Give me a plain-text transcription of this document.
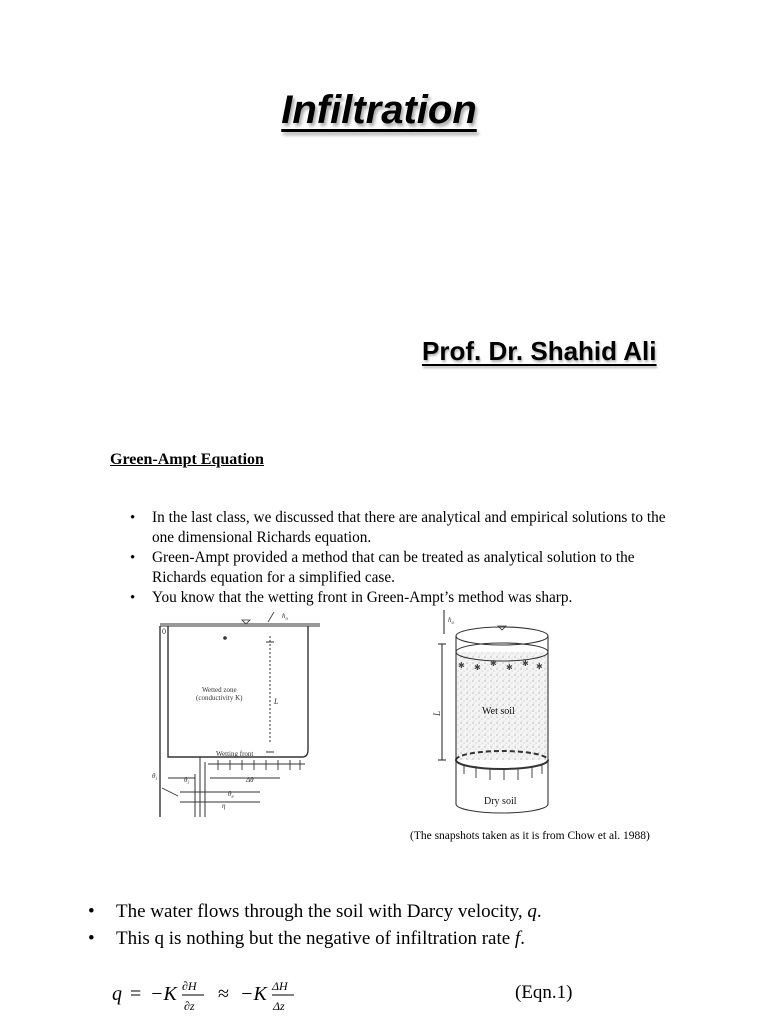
Infiltration
Prof. Dr. Shahid Ali
Green-Ampt Equation
• In the last class, we discussed that there are analytical and empirical solutions to the one dimensional Richards equation.
• Green-Ampt provided a method that can be treated as analytical solution to the Richards equation for a simplified case.
• You know that the wetting front in Green-Ampt’s method was sharp.
0
$h_o$
Wetted zone
(conductivity K)	L
Wetting front
$\theta_i$	$\theta_i$	Δθ
$\theta_e$
η
✱ ✱ ✱ ✱ ✱ ✱
$h_o$
L	Wet soil
Dry soil
(The snapshots taken as it is from Chow et al. 1988)
• The water flows through the soil with Darcy velocity, q.
• This q is nothing but the negative of infiltration rate f.
q = −K ∂H
∂z
≈ −K ΔH
Δz
(Eqn.1)
